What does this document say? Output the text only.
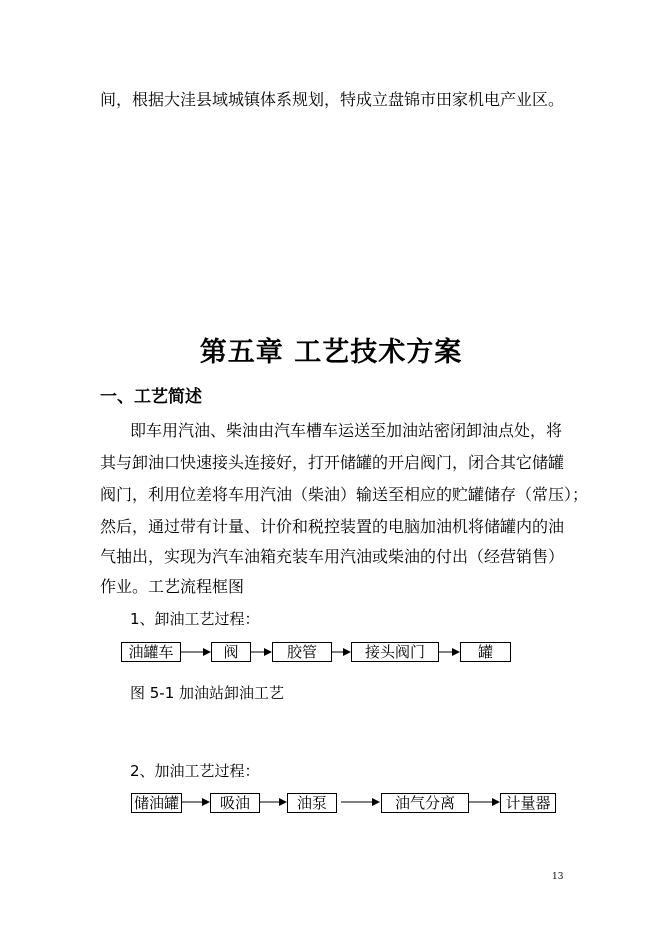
间，根据大洼县域城镇体系规划，特成立盘锦市田家机电产业区。
第五章 工艺技术方案
一、工艺简述
即车用汽油、柴油由汽车槽车运送至加油站密闭卸油点处，将
其与卸油口快速接头连接好，打开储罐的开启阀门，闭合其它储罐
阀门，利用位差将车用汽油（柴油）输送至相应的贮罐储存（常压）；
然后，通过带有计量、计价和税控装置的电脑加油机将储罐内的油
气抽出，实现为汽车油箱充装车用汽油或柴油的付出（经营销售）
作业。工艺流程框图
1、卸油工艺过程：
油罐车	阀	胶管	接头阀门	罐
图 5-1 加油站卸油工艺
2、加油工艺过程：
储油罐	吸油	油泵	油气分离	计量器
13
